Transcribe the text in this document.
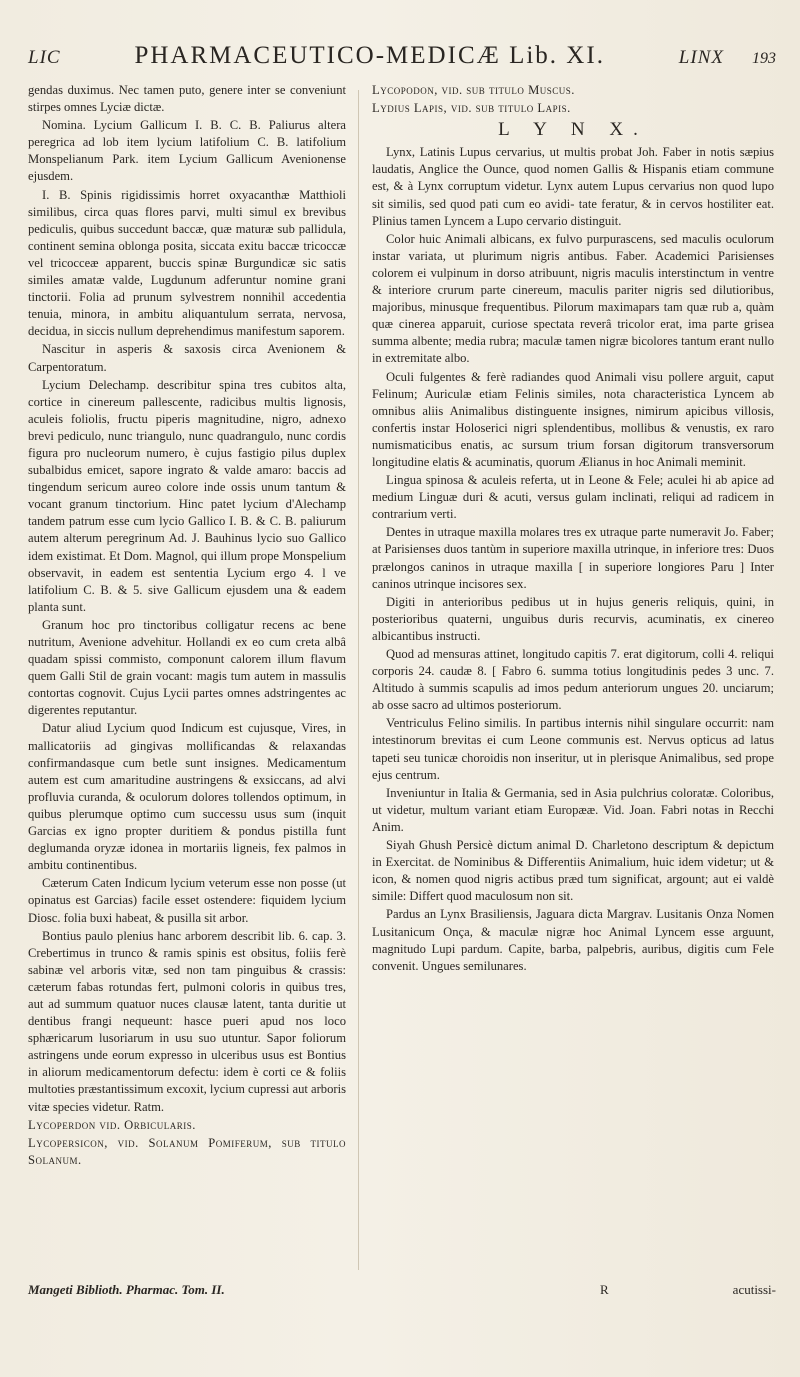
LIC	PHARMACEUTICO-MEDICÆ Lib. XI.	LINX 193

gendas duximus. Nec tamen puto, genere inter se conveniunt stirpes omnes Lyciæ dictæ.

Nomina. Lycium Gallicum I. B. C. B. Paliurus altera peregrica ad lob item lycium latifolium C. B. latifolium Monspelianum Park. item Lycium Gallicum Avenionense ejusdem.

I. B. Spinis rigidissimis horret oxyacanthæ Matthioli similibus, circa quas flores parvi, multi simul ex brevibus pediculis, quibus succedunt baccæ, quæ maturæ sub pallidula, continent semina oblonga posita, siccata exitu baccæ tricoccæ vel tricocceæ apparent, buccis spinæ Burgundicæ sic satis similes amatæ valde, Lugdunum adferuntur nomine grani tinctorii. Folia ad prunum sylvestrem nonnihil accedentia tenuia, minora, in ambitu aliquantulum serrata, nervosa, decidua, in siccis nullum deprehendimus manifestum saporem.

Nascitur in asperis & saxosis circa Avenionem & Carpentoratum.

Lycium Delechamp. describitur spina tres cubitos alta, cortice in cinereum pallescente, radicibus multis lignosis, aculeis foliolis, fructu piperis magnitudine, nigro, adnexo brevi pediculo, nunc triangulo, nunc quadrangulo, nunc cordis figura pro nucleorum numero, è cujus fastigio pilus duplex subalbidus emicet, sapore ingrato & valde amaro: baccis ad tingendum sericum aureo colore inde ossis unum tantum & vocant granum tinctorium. Hinc patet lycium d'Alechamp tandem patrum esse cum lycio Gallico I. B. & C. B. paliurum autem alterum peregrinum Ad. J. Bauhinus lycio suo Gallico idem existimat. Et Dom. Magnol, qui illum prope Monspelium observavit, in eadem est sententia Lycium ergo 4. l ve latifolium C. B. & 5. sive Gallicum ejusdem una & eadem planta sunt.

Granum hoc pro tinctoribus colligatur recens ac bene nutritum, Avenione advehitur. Hollandi ex eo cum creta albâ quadam spissi commisto, componunt calorem illum flavum quem Galli Stil de grain vocant: magis tum autem in massulis contortas cognovit. Cujus Lycii partes omnes adstringentes ac digerentes reputantur.

Datur aliud Lycium quod Indicum est cujusque, Vires, in mallicatoriis ad gingivas mollificandas & relaxandas confirmandasque cum betle sunt insignes. Medicamentum autem est cum amaritudine austringens & exsiccans, ad alvi profluvia curanda, & oculorum dolores tollendos optimum, in quibus plerumque optimo cum successu usus sum (inquit Garcias ex igno propter duritiem & pondus pistilla funt deglumanda oryzæ idonea in mortariis ligneis, fex palmos in ambitu continentibus.

Cæterum Caten Indicum lycium veterum esse non posse (ut opinatus est Garcias) facile esset ostendere: fiquidem lycium Diosc. folia buxi habeat, & pusilla sit arbor.

Bontius paulo plenius hanc arborem describit lib. 6. cap. 3. Crebertimus in trunco & ramis spinis est obsitus, foliis ferè sabinæ vel arboris vitæ, sed non tam pinguibus & crassis: cæterum fabas rotundas fert, pulmoni coloris in quibus tres, aut ad summum quatuor nuces clausæ latent, tanta duritie ut dentibus frangi nequeunt: hasce pueri apud nos loco sphæricarum lusoriarum in usu suo utuntur. Sapor foliorum astringens unde eorum expresso in ulceribus usus est Bontius in aliorum medicamentorum defectu: idem è corti ce & foliis multoties præstantissimum excoxit, lycium cupressi aut arboris vitæ species videtur. Ratm.

Lycoperdon vid. Orbicularis.

Lycopersicon, vid. Solanum Pomiferum, sub titulo Solanum.

Lycopodon, vid. sub titulo Muscus.

Lydius Lapis, vid. sub titulo Lapis.

L Y N X.

Lynx, Latinis Lupus cervarius, ut multis probat Joh. Faber in notis sæpius laudatis, Anglice the Ounce, quod nomen Gallis & Hispanis etiam commune est, & à Lynx corruptum videtur. Lynx autem Lupus cervarius non quod lupo sit similis, sed quod pati cum eo avidi- tate feratur, & in cervos hostiliter eat. Plinius tamen Lyncem a Lupo cervario distinguit.

Color huic Animali albicans, ex fulvo purpurascens, sed maculis oculorum instar variata, ut plurimum nigris antibus. Faber. Academici Parisienses colorem ei vulpinum in dorso atribuunt, nigris maculis interstinctum in ventre & interiore crurum parte cinereum, maculis pariter nigris sed dilutioribus, majoribus, minusque frequentibus. Pilorum maximapars tam quæ rub a, quàm quæ cinerea apparuit, curiose spectata reverâ tricolor erat, ima parte grisea summa albente; media rubra; maculæ tamen nigræ bicolores tantum erant nullo in extremitate albo.

Oculi fulgentes & ferè radiandes quod Animali visu pollere arguit, caput Felinum; Auriculæ etiam Felinis similes, nota characteristica Lyncem ab omnibus aliis Animalibus distinguente insignes, nimirum apicibus villosis, confertis instar Holoserici nigri splendentibus, mollibus & venustis, ex raro numismaticibus enatis, ac sursum trium forsan digitorum transversorum longitudine elatis & acuminatis, quorum Ælianus in hoc Animali meminit.

Lingua spinosa & aculeis referta, ut in Leone & Fele; aculei hi ab apice ad medium Linguæ duri & acuti, versus gulam inclinati, reliqui ad radicem in contrarium verti.

Dentes in utraque maxilla molares tres ex utraque parte numeravit Jo. Faber; at Parisienses duos tantùm in superiore maxilla utrinque, in inferiore tres: Duos prælongos caninos in utraque maxilla [ in superiore longiores Paru ] Inter caninos utrinque incisores sex.

Digiti in anterioribus pedibus ut in hujus generis reliquis, quini, in posterioribus quaterni, unguibus duris recurvis, acuminatis, ex cinereo albicantibus instructi.

Quod ad mensuras attinet, longitudo capitis 7. erat digitorum, colli 4. reliqui corporis 24. caudæ 8. [ Fabro 6. summa totius longitudinis pedes 3 unc. 7. Altitudo à summis scapulis ad imos pedum anteriorum ungues 20. unciarum; ab osse sacro ad ultimos posteriorum.

Ventriculus Felino similis. In partibus internis nihil singulare occurrit: nam intestinorum brevitas ei cum Leone communis est. Nervus opticus ad latus tapeti seu tunicæ choroidis non inseritur, ut in plerisque Animalibus, sed prope ejus centrum.

Inveniuntur in Italia & Germania, sed in Asia pulchrius coloratæ. Coloribus, ut videtur, multum variant etiam Europææ. Vid. Joan. Fabri notas in Recchi Anim.

Siyah Ghush Persicè dictum animal D. Charletono descriptum & depictum in Exercitat. de Nominibus & Differentiis Animalium, huic idem videtur; ut & icon, & nomen quod nigris actibus præd tum significat, argount; aut ei valdè simile: Differt quod maculosum non sit.

Pardus an Lynx Brasiliensis, Jaguara dicta Margrav. Lusitanis Onza Nomen Lusitanicum Onça, & maculæ nigræ hoc Animal Lyncem esse arguunt, magnitudo Lupi pardum. Capite, barba, palpebris, auribus, digitis cum Fele convenit. Ungues semilunares.

Mangeti Biblioth. Pharmac. Tom. II.	R	acutissi-
